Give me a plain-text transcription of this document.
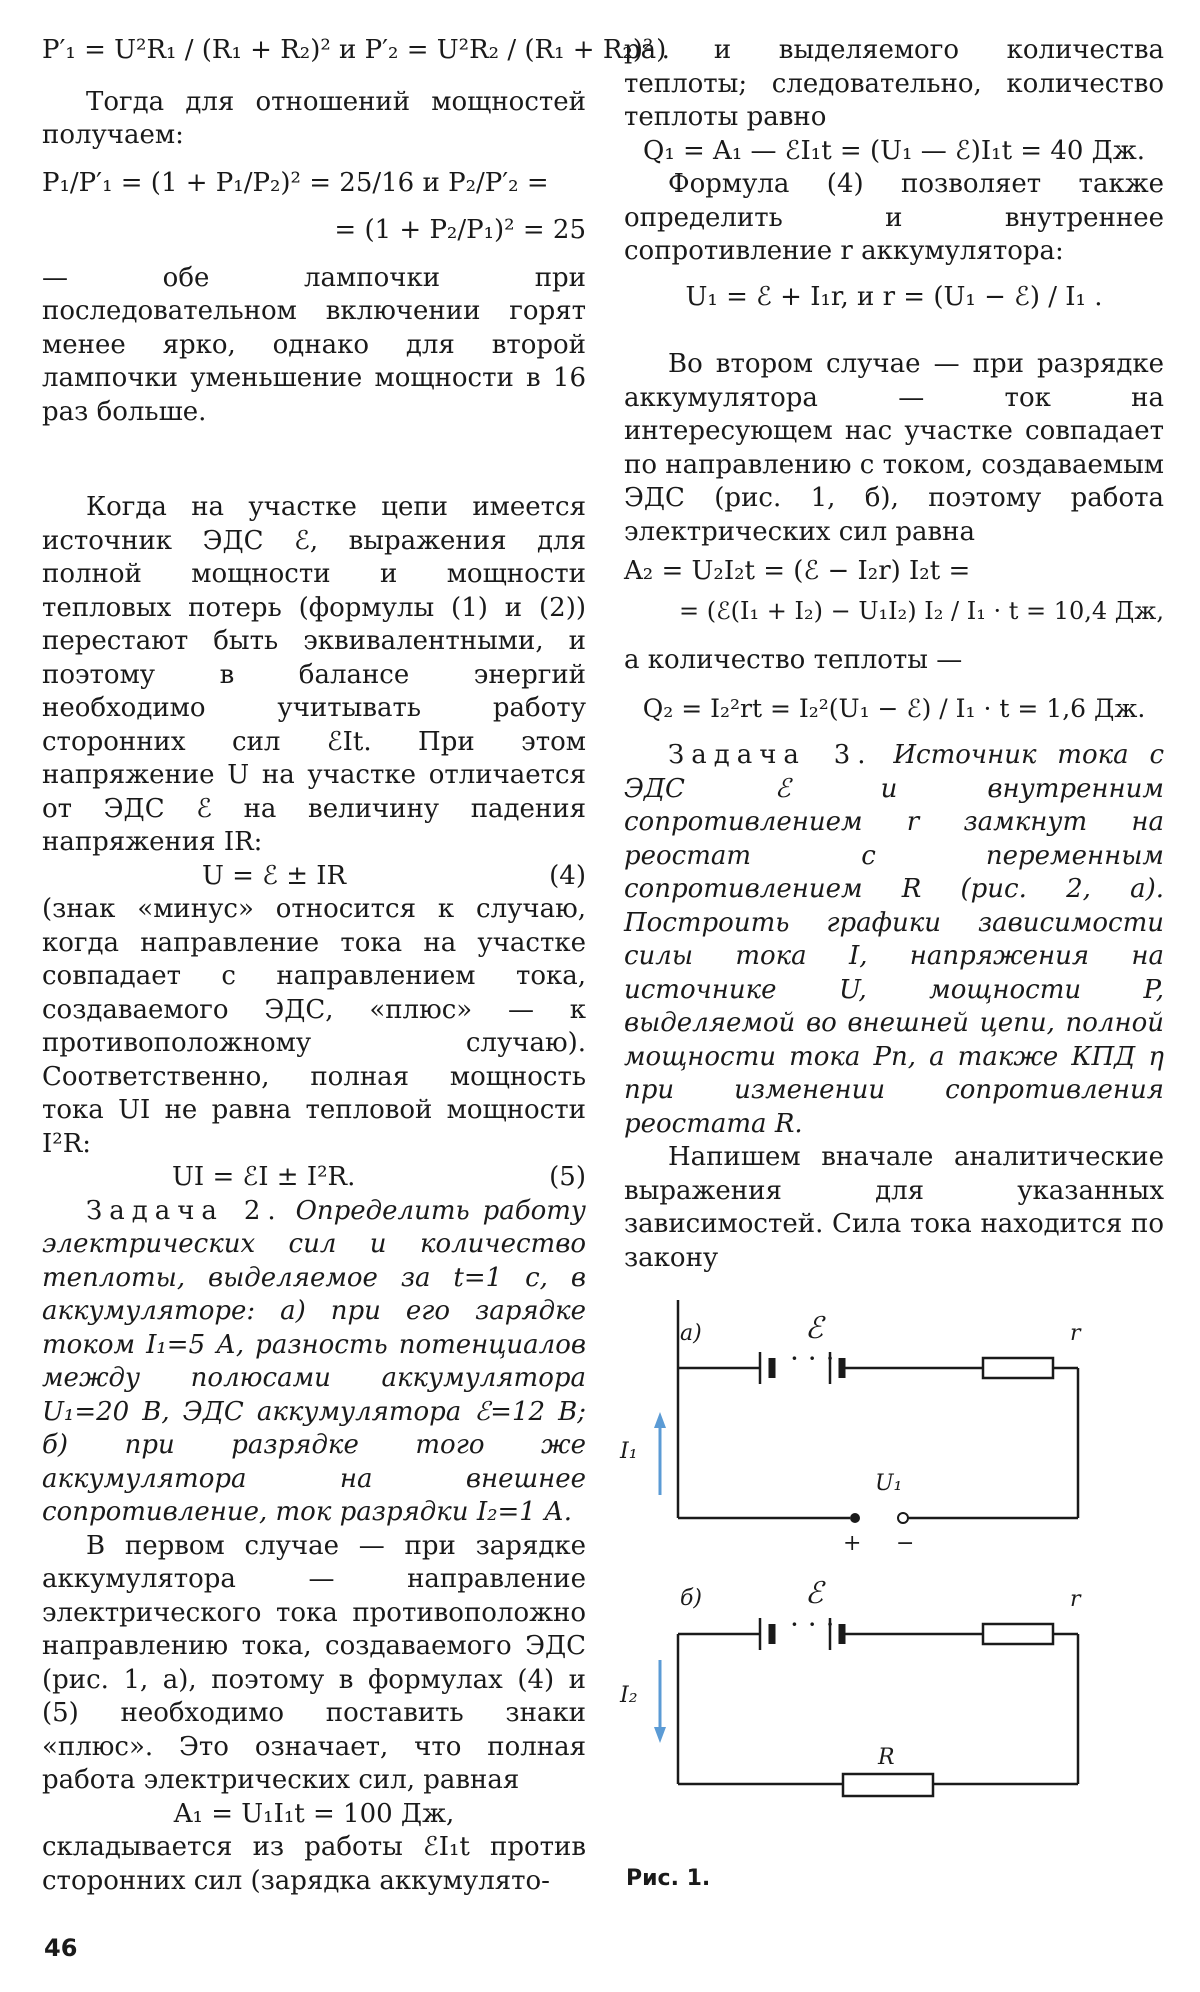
P′₁ = U²R₁ / (R₁ + R₂)² и P′₂ = U²R₂ / (R₁ + R₂)² .

Тогда для отношений мощностей получаем:

P₁/P′₁ = (1 + P₁/P₂)² = 25/16 и P₂/P′₂ =

= (1 + P₂/P₁)² = 25

— обе лампочки при последовательном включении горят менее ярко, однако для второй лампочки уменьшение мощности в 16 раз больше.

Когда на участке цепи имеется источник ЭДС ℰ, выражения для полной мощности и мощности тепловых потерь (формулы (1) и (2)) перестают быть эквивалентными, и поэтому в балансе энергий необходимо учитывать работу сторонних сил ℰIt. При этом напряжение U на участке отличается от ЭДС ℰ на величину падения напряжения IR:

U = ℰ ± IR	(4)

(знак «минус» относится к случаю, когда направление тока на участке совпадает с направлением тока, создаваемого ЭДС, «плюс» — к противоположному случаю). Соответственно, полная мощность тока UI не равна тепловой мощности I²R:

UI = ℰI ± I²R.	(5)

Задача 2. Определить работу электрических сил и количество теплоты, выделяемое за t=1 с, в аккумуляторе: а) при его зарядке током I₁=5 А, разность потенциалов между полюсами аккумулятора U₁=20 В, ЭДС аккумулятора ℰ=12 В; б) при разрядке того же аккумулятора на внешнее сопротивление, ток разрядки I₂=1 А.

В первом случае — при зарядке аккумулятора — направление электрического тока противоположно направлению тока, создаваемого ЭДС (рис. 1, а), поэтому в формулах (4) и (5) необходимо поставить знаки «плюс». Это означает, что полная работа электрических сил, равная

A₁ = U₁I₁t = 100 Дж,

складывается из работы ℰI₁t против сторонних сил (зарядка аккумулято-

ра) и выделяемого количества теплоты; следовательно, количество теплоты равно

Q₁ = A₁ — ℰI₁t = (U₁ — ℰ)I₁t = 40 Дж.

Формула (4) позволяет также определить и внутреннее сопротивление r аккумулятора:

U₁ = ℰ + I₁r, и r = (U₁ − ℰ) / I₁ .

Во втором случае — при разрядке аккумулятора — ток на интересующем нас участке совпадает по направлению с током, создаваемым ЭДС (рис. 1, б), поэтому работа электрических сил равна

A₂ = U₂I₂t = (ℰ − I₂r) I₂t =

= (ℰ(I₁ + I₂) − U₁I₂) I₂ / I₁ · t = 10,4 Дж,

а количество теплоты —

Q₂ = I₂²rt = I₂²(U₁ − ℰ) / I₁ · t = 1,6 Дж.

Задача 3. Источник тока с ЭДС ℰ и внутренним сопротивлением r замкнут на реостат с переменным сопротивлением R (рис. 2, а). Построить графики зависимости силы тока I, напряжения на источнике U, мощности P, выделяемой во внешней цепи, полной мощности тока Pп, а также КПД η при изменении сопротивления реостата R.

Напишем вначале аналитические выражения для указанных зависимостей. Сила тока находится по закону

а)	ℰ	r
· · ·
I₁
U₁
+ −
б)	ℰ	r
· · ·
R
I₂
Рис. 1.
46
